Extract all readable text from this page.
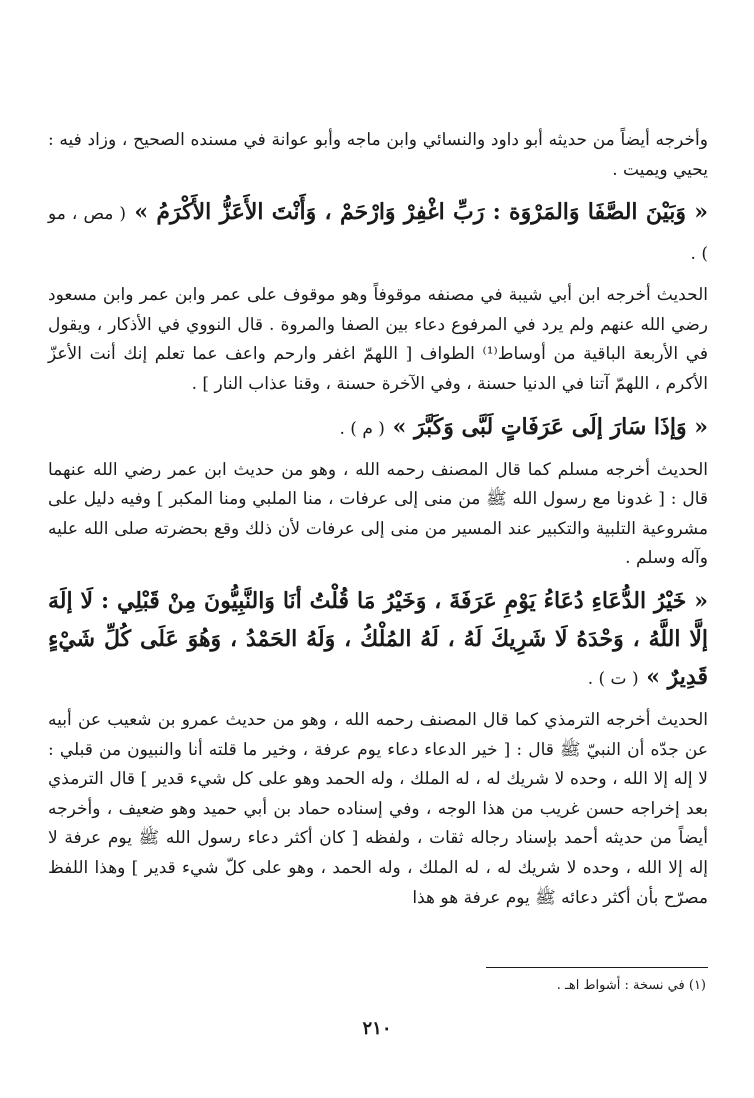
وأخرجه أيضاً من حديثه أبو داود والنسائي وابن ماجه وأبو عوانة في مسنده الصحيح ، وزاد فيه : يحيي ويميت .

« وَبَيْنَ الصَّفَا وَالمَرْوَة : رَبِّ اغْفِرْ وَارْحَمْ ، وَأَنْتَ الأَعَزُّ الأَكْرَمُ » ( مص ، مو ) .

الحديث أخرجه ابن أبي شيبة في مصنفه موقوفاً وهو موقوف على عمر وابن عمر وابن مسعود رضي الله عنهم ولم يرد في المرفوع دعاء بين الصفا والمروة . قال النووي في الأذكار ، ويقول في الأربعة الباقية من أوساط⁽¹⁾ الطواف [ اللهمّ اغفر وارحم واعف عما تعلم إنك أنت الأعزّ الأكرم ، اللهمّ آتنا في الدنيا حسنة ، وفي الآخرة حسنة ، وقنا عذاب النار ] .

« وَإذَا سَارَ إلَى عَرَفَاتٍ لَبَّى وَكَبَّرَ » ( م ) .

الحديث أخرجه مسلم كما قال المصنف رحمه الله ، وهو من حديث ابن عمر رضي الله عنهما قال : [ غدونا مع رسول الله ﷺ من منى إلى عرفات ، منا الملبي ومنا المكبر ] وفيه دليل على مشروعية التلبية والتكبير عند المسير من منى إلى عرفات لأن ذلك وقع بحضرته صلى الله عليه وآله وسلم .

« خَيْرُ الدُّعَاءِ دُعَاءُ يَوْمِ عَرَفَةَ ، وَخَيْرُ مَا قُلْتُ أنَا وَالنَّبِيُّونَ مِنْ قَبْلِي : لَا إلَهَ إلَّا اللَّهُ ، وَحْدَهُ لَا شَرِيكَ لَهُ ، لَهُ المُلْكُ ، وَلَهُ الحَمْدُ ، وَهُوَ عَلَى كُلِّ شَيْءٍ قَدِيرٌ » ( ت ) .

الحديث أخرجه الترمذي كما قال المصنف رحمه الله ، وهو من حديث عمرو بن شعيب عن أبيه عن جدّه أن النبيّ ﷺ قال : [ خير الدعاء دعاء يوم عرفة ، وخير ما قلته أنا والنبيون من قبلي : لا إله إلا الله ، وحده لا شريك له ، له الملك ، وله الحمد وهو على كل شيء قدير ] قال الترمذي بعد إخراجه حسن غريب من هذا الوجه ، وفي إسناده حماد بن أبي حميد وهو ضعيف ، وأخرجه أيضاً من حديثه أحمد بإسناد رجاله ثقات ، ولفظه [ كان أكثر دعاء رسول الله ﷺ يوم عرفة لا إله إلا الله ، وحده لا شريك له ، له الملك ، وله الحمد ، وهو على كلّ شيء قدير ] وهذا اللفظ مصرّح بأن أكثر دعائه ﷺ يوم عرفة هو هذا

(١) في نسخة : أشواط اهـ .
٢١٠
